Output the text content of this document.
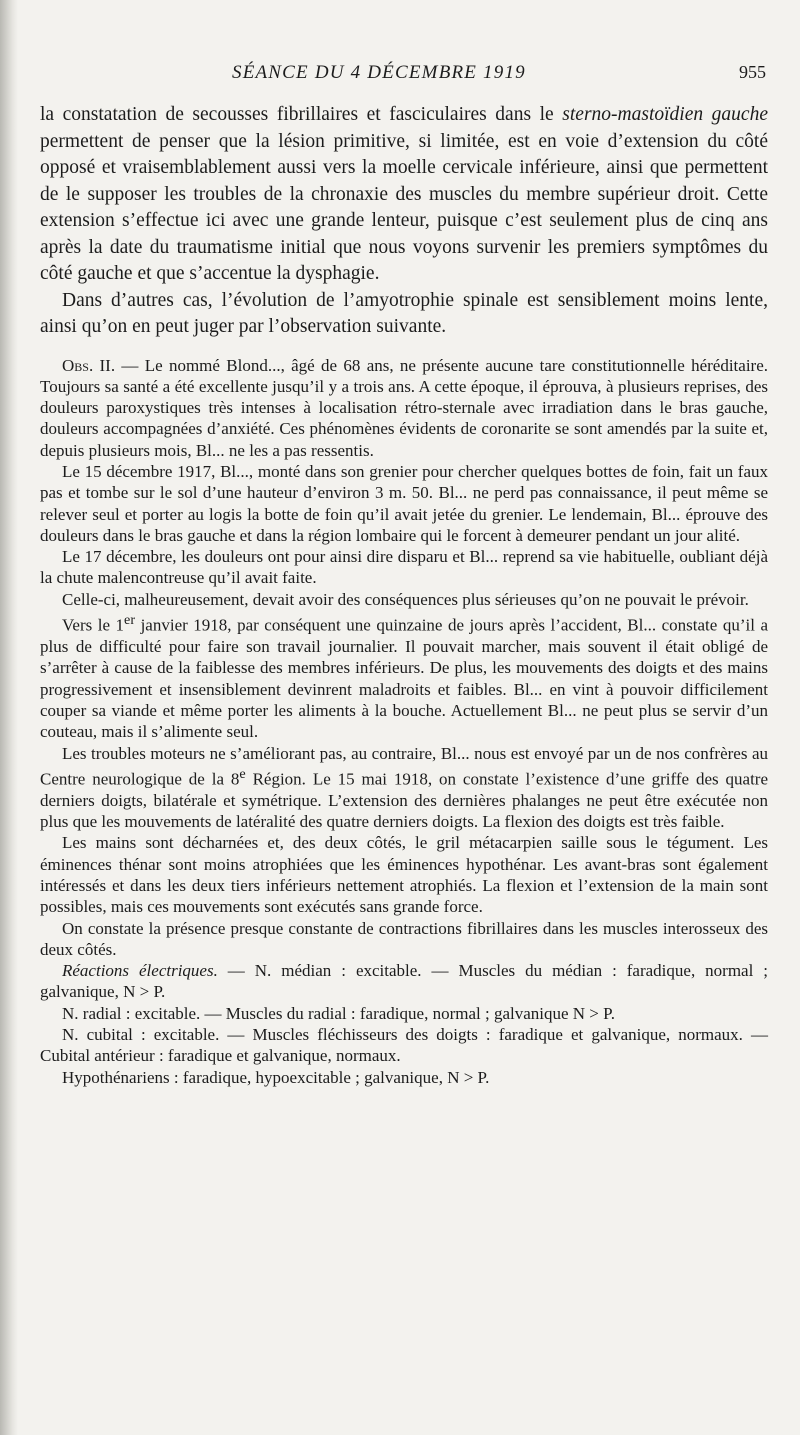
SÉANCE DU 4 DÉCEMBRE 1919	955

la constatation de secousses fibrillaires et fasciculaires dans le sterno-mastoïdien gauche permettent de penser que la lésion primitive, si limitée, est en voie d’extension du côté opposé et vraisemblablement aussi vers la moelle cervicale inférieure, ainsi que permettent de le supposer les troubles de la chronaxie des muscles du membre supérieur droit. Cette extension s’effectue ici avec une grande lenteur, puisque c’est seulement plus de cinq ans après la date du traumatisme initial que nous voyons survenir les premiers symptômes du côté gauche et que s’accentue la dysphagie.

Dans d’autres cas, l’évolution de l’amyotrophie spinale est sensiblement moins lente, ainsi qu’on en peut juger par l’observation suivante.

Obs. II. — Le nommé Blond..., âgé de 68 ans, ne présente aucune tare constitutionnelle héréditaire. Toujours sa santé a été excellente jusqu’il y a trois ans. A cette époque, il éprouva, à plusieurs reprises, des douleurs paroxystiques très intenses à localisation rétro-sternale avec irradiation dans le bras gauche, douleurs accompagnées d’anxiété. Ces phénomènes évidents de coronarite se sont amendés par la suite et, depuis plusieurs mois, Bl... ne les a pas ressentis.

Le 15 décembre 1917, Bl..., monté dans son grenier pour chercher quelques bottes de foin, fait un faux pas et tombe sur le sol d’une hauteur d’environ 3 m. 50. Bl... ne perd pas connaissance, il peut même se relever seul et porter au logis la botte de foin qu’il avait jetée du grenier. Le lendemain, Bl... éprouve des douleurs dans le bras gauche et dans la région lombaire qui le forcent à demeurer pendant un jour alité.

Le 17 décembre, les douleurs ont pour ainsi dire disparu et Bl... reprend sa vie habituelle, oubliant déjà la chute malencontreuse qu’il avait faite.

Celle-ci, malheureusement, devait avoir des conséquences plus sérieuses qu’on ne pouvait le prévoir.

Vers le 1er janvier 1918, par conséquent une quinzaine de jours après l’accident, Bl... constate qu’il a plus de difficulté pour faire son travail journalier. Il pouvait marcher, mais souvent il était obligé de s’arrêter à cause de la faiblesse des membres inférieurs. De plus, les mouvements des doigts et des mains progressivement et insensiblement devinrent maladroits et faibles. Bl... en vint à pouvoir difficilement couper sa viande et même porter les aliments à la bouche. Actuellement Bl... ne peut plus se servir d’un couteau, mais il s’alimente seul.

Les troubles moteurs ne s’améliorant pas, au contraire, Bl... nous est envoyé par un de nos confrères au Centre neurologique de la 8e Région. Le 15 mai 1918, on constate l’existence d’une griffe des quatre derniers doigts, bilatérale et symétrique. L’extension des dernières phalanges ne peut être exécutée non plus que les mouvements de latéralité des quatre derniers doigts. La flexion des doigts est très faible.

Les mains sont décharnées et, des deux côtés, le gril métacarpien saille sous le tégument. Les éminences thénar sont moins atrophiées que les éminences hypothénar. Les avant-bras sont également intéressés et dans les deux tiers inférieurs nettement atrophiés. La flexion et l’extension de la main sont possibles, mais ces mouvements sont exécutés sans grande force.

On constate la présence presque constante de contractions fibrillaires dans les muscles interosseux des deux côtés.

Réactions électriques. — N. médian : excitable. — Muscles du médian : faradique, normal ; galvanique, N > P.

N. radial : excitable. — Muscles du radial : faradique, normal ; galvanique N > P.

N. cubital : excitable. — Muscles fléchisseurs des doigts : faradique et galvanique, normaux. — Cubital antérieur : faradique et galvanique, normaux.

Hypothénariens : faradique, hypoexcitable ; galvanique, N > P.
